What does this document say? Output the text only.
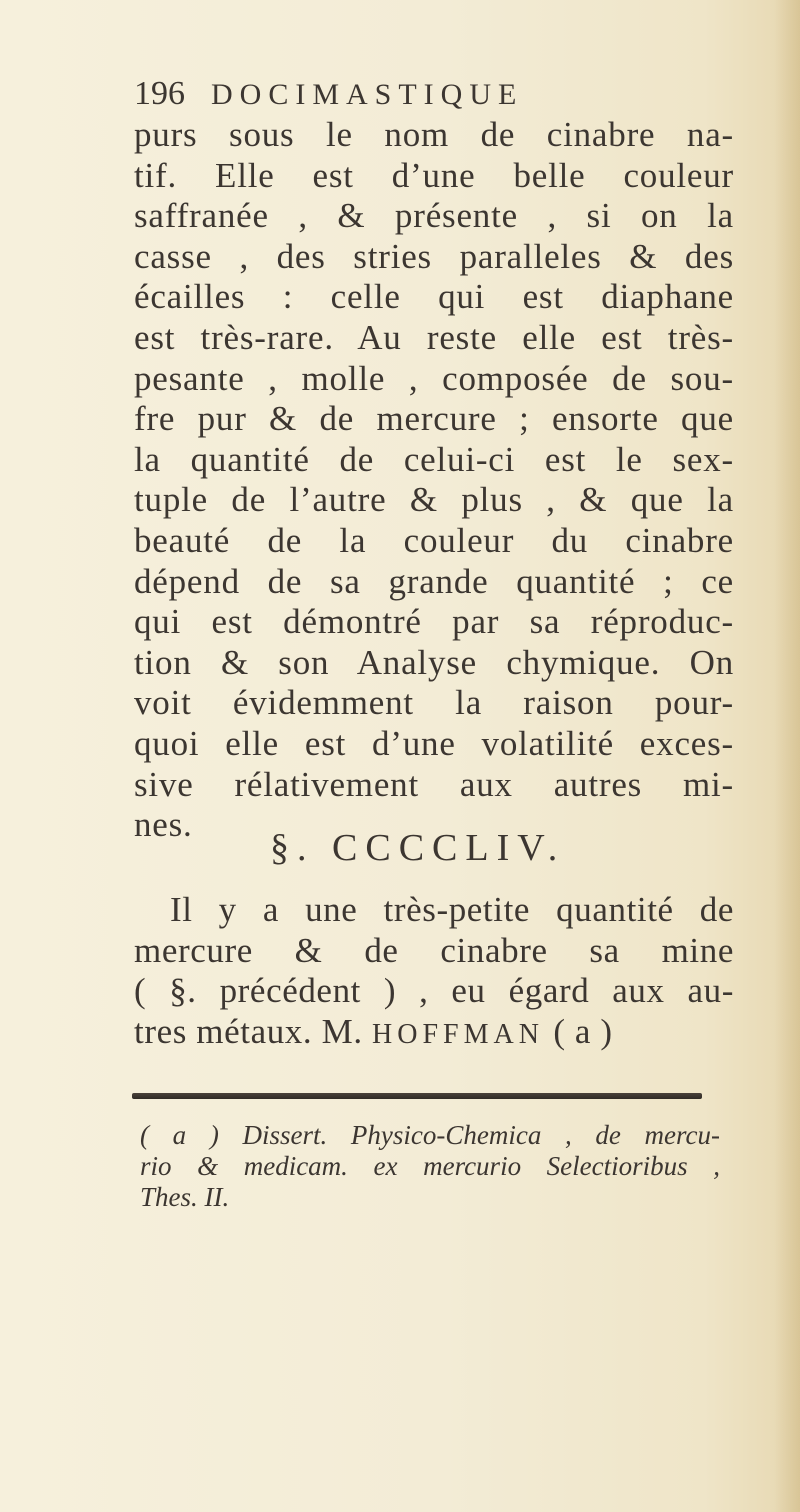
196 DOCIMASTIQUE
purs sous le nom de cinabre na-
tif. Elle est d’une belle couleur
saffranée , & présente , si on la
casse , des stries paralleles & des
écailles : celle qui est diaphane
est très-rare. Au reste elle est très-
pesante , molle , composée de sou-
fre pur & de mercure ; ensorte que
la quantité de celui-ci est le sex-
tuple de l’autre & plus , & que la
beauté de la couleur du cinabre
dépend de sa grande quantité ; ce
qui est démontré par sa réproduc-
tion & son Analyse chymique. On
voit évidemment la raison pour-
quoi elle est d’une volatilité exces-
sive rélativement aux autres mi-
nes.
§. CCCCLIV.
Il y a une très-petite quantité de
mercure & de cinabre sa mine
( §. précédent ) , eu égard aux au-
tres métaux. M. HOFFMAN ( a )
( a ) Dissert. Physico-Chemica , de mercu-
rio & medicam. ex mercurio Selectioribus ,
Thes. II.
